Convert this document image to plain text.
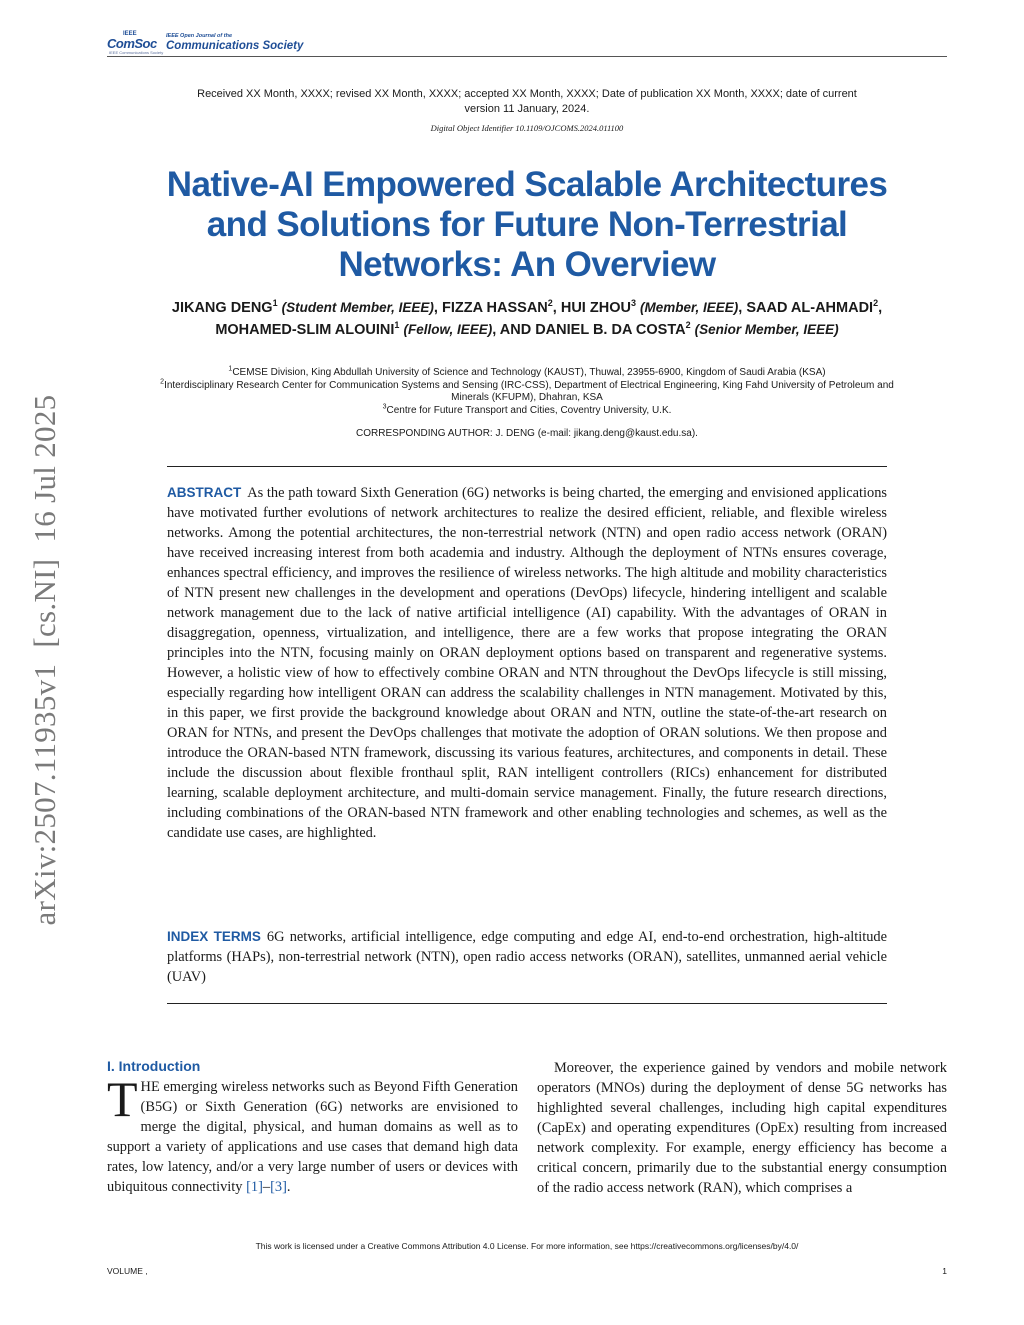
IEEE
ComSoc
IEEE Communications Society
IEEE Open Journal of the
Communications Society
Received XX Month, XXXX; revised XX Month, XXXX; accepted XX Month, XXXX; Date of publication XX Month, XXXX; date of current version 11 January, 2024.
Digital Object Identifier 10.1109/OJCOMS.2024.011100
Native-AI Empowered Scalable Architectures and Solutions for Future Non-Terrestrial Networks: An Overview
JIKANG DENG$^1$ (Student Member, IEEE), FIZZA HASSAN$^2$, HUI ZHOU$^3$ (Member, IEEE), SAAD AL-AHMADI$^2$, MOHAMED-SLIM ALOUINI$^1$ (Fellow, IEEE), AND DANIEL B. DA COSTA$^2$ (Senior Member, IEEE)
$^1$CEMSE Division, King Abdullah University of Science and Technology (KAUST), Thuwal, 23955-6900, Kingdom of Saudi Arabia (KSA)
$^2$Interdisciplinary Research Center for Communication Systems and Sensing (IRC-CSS), Department of Electrical Engineering, King Fahd University of Petroleum and Minerals (KFUPM), Dhahran, KSA
$^3$Centre for Future Transport and Cities, Coventry University, U.K.
CORRESPONDING AUTHOR: J. DENG (e-mail: jikang.deng@kaust.edu.sa).
ABSTRACT As the path toward Sixth Generation (6G) networks is being charted, the emerging and envisioned applications have motivated further evolutions of network architectures to realize the desired efficient, reliable, and flexible wireless networks. Among the potential architectures, the non-terrestrial network (NTN) and open radio access network (ORAN) have received increasing interest from both academia and industry. Although the deployment of NTNs ensures coverage, enhances spectral efficiency, and improves the resilience of wireless networks. The high altitude and mobility characteristics of NTN present new challenges in the development and operations (DevOps) lifecycle, hindering intelligent and scalable network management due to the lack of native artificial intelligence (AI) capability. With the advantages of ORAN in disaggregation, openness, virtualization, and intelligence, there are a few works that propose integrating the ORAN principles into the NTN, focusing mainly on ORAN deployment options based on transparent and regenerative systems. However, a holistic view of how to effectively combine ORAN and NTN throughout the DevOps lifecycle is still missing, especially regarding how intelligent ORAN can address the scalability challenges in NTN management. Motivated by this, in this paper, we first provide the background knowledge about ORAN and NTN, outline the state-of-the-art research on ORAN for NTNs, and present the DevOps challenges that motivate the adoption of ORAN solutions. We then propose and introduce the ORAN-based NTN framework, discussing its various features, architectures, and components in detail. These include the discussion about flexible fronthaul split, RAN intelligent controllers (RICs) enhancement for distributed learning, scalable deployment architecture, and multi-domain service management. Finally, the future research directions, including combinations of the ORAN-based NTN framework and other enabling technologies and schemes, as well as the candidate use cases, are highlighted.
INDEX TERMS 6G networks, artificial intelligence, edge computing and edge AI, end-to-end orchestration, high-altitude platforms (HAPs), non-terrestrial network (NTN), open radio access networks (ORAN), satellites, unmanned aerial vehicle (UAV)
arXiv:2507.11935v1  [cs.NI]  16 Jul 2025
I. Introduction
THE emerging wireless networks such as Beyond Fifth Generation (B5G) or Sixth Generation (6G) networks are envisioned to merge the digital, physical, and human domains as well as to support a variety of applications and use cases that demand high data rates, low latency, and/or a very large number of users or devices with ubiquitous connectivity [1]–[3].
Moreover, the experience gained by vendors and mobile network operators (MNOs) during the deployment of dense 5G networks has highlighted several challenges, including high capital expenditures (CapEx) and operating expenditures (OpEx) resulting from increased network complexity. For example, energy efficiency has become a critical concern, primarily due to the substantial energy consumption of the radio access network (RAN), which comprises a
This work is licensed under a Creative Commons Attribution 4.0 License. For more information, see https://creativecommons.org/licenses/by/4.0/
VOLUME ,	1
